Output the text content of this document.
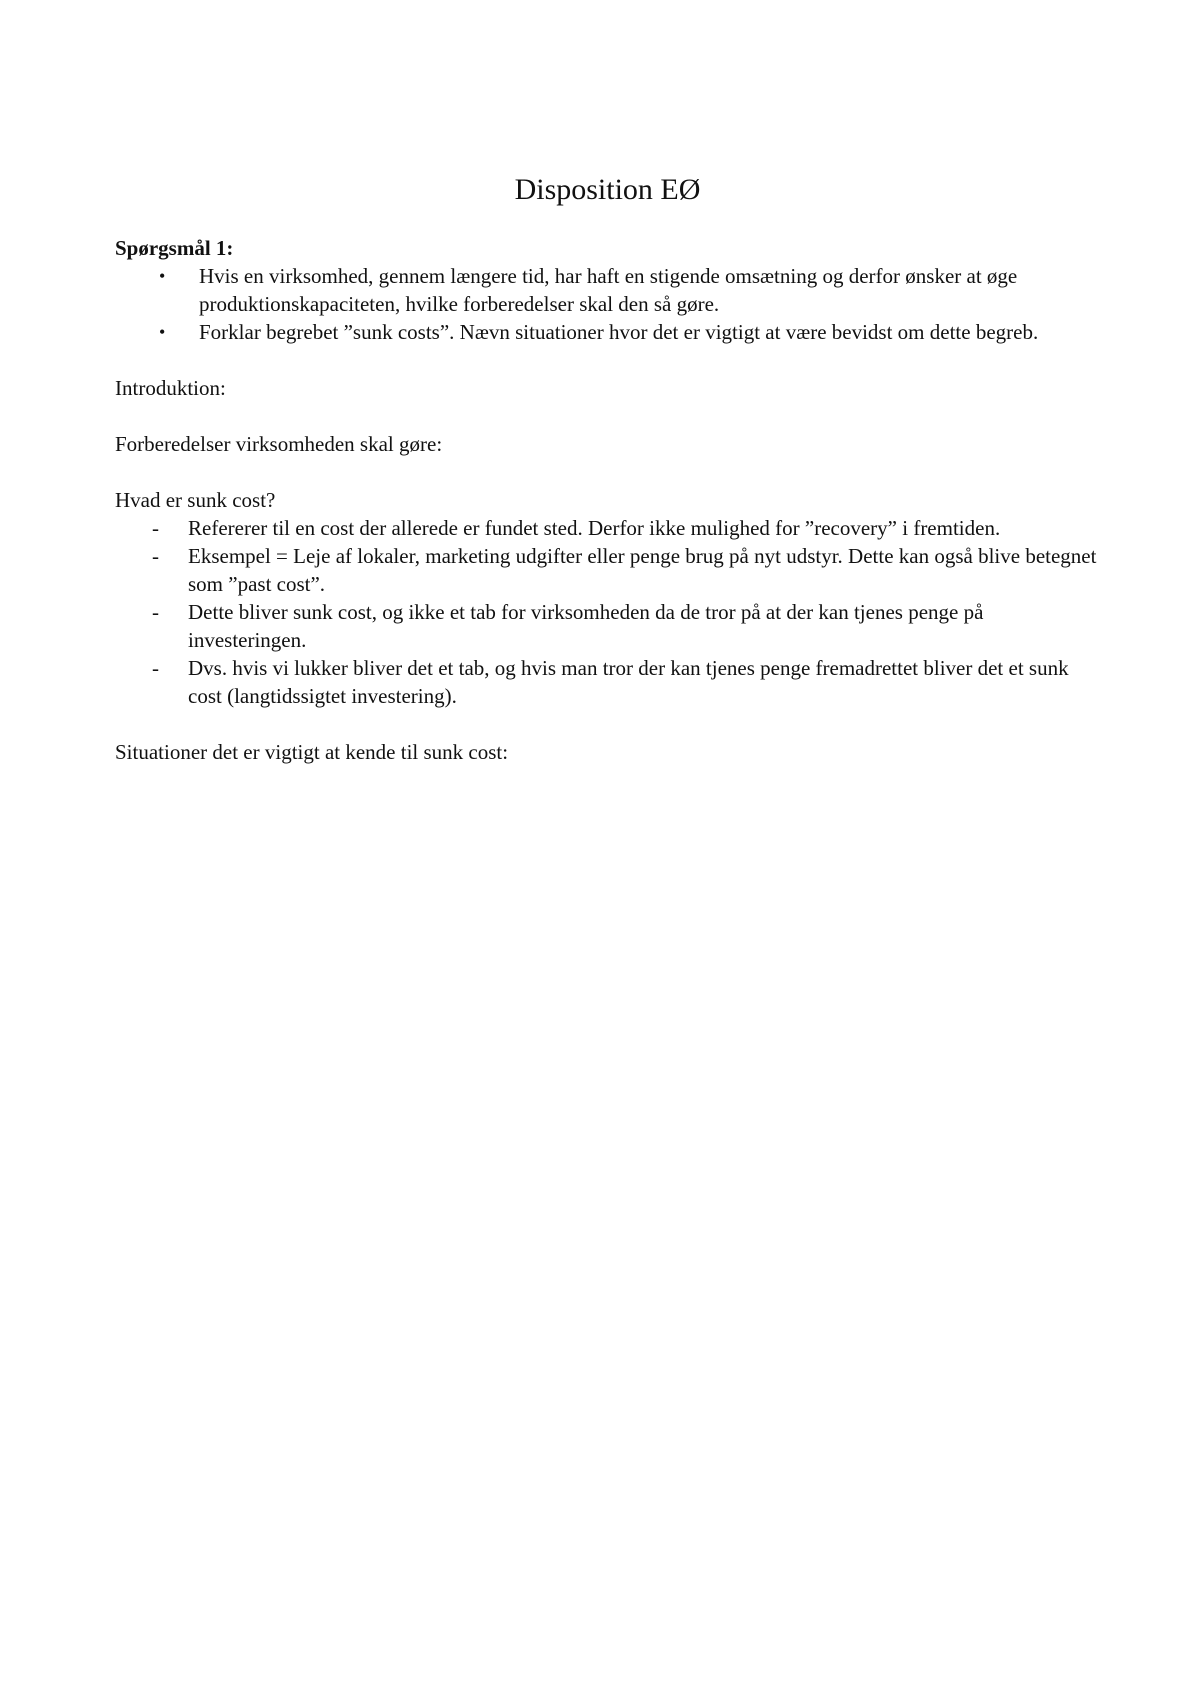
Disposition EØ

Spørgsmål 1:

• Hvis en virksomhed, gennem længere tid, har haft en stigende omsætning og derfor ønsker at øge produktionskapaciteten, hvilke forberedelser skal den så gøre.
• Forklar begrebet ”sunk costs”. Nævn situationer hvor det er vigtigt at være bevidst om dette begreb.

Introduktion:

Forberedelser virksomheden skal gøre:

Hvad er sunk cost?

- Refererer til en cost der allerede er fundet sted. Derfor ikke mulighed for ”recovery” i fremtiden.
- Eksempel = Leje af lokaler, marketing udgifter eller penge brug på nyt udstyr. Dette kan også blive betegnet som ”past cost”.
- Dette bliver sunk cost, og ikke et tab for virksomheden da de tror på at der kan tjenes penge på investeringen.
- Dvs. hvis vi lukker bliver det et tab, og hvis man tror der kan tjenes penge fremadrettet bliver det et sunk cost (langtidssigtet investering).

Situationer det er vigtigt at kende til sunk cost:
